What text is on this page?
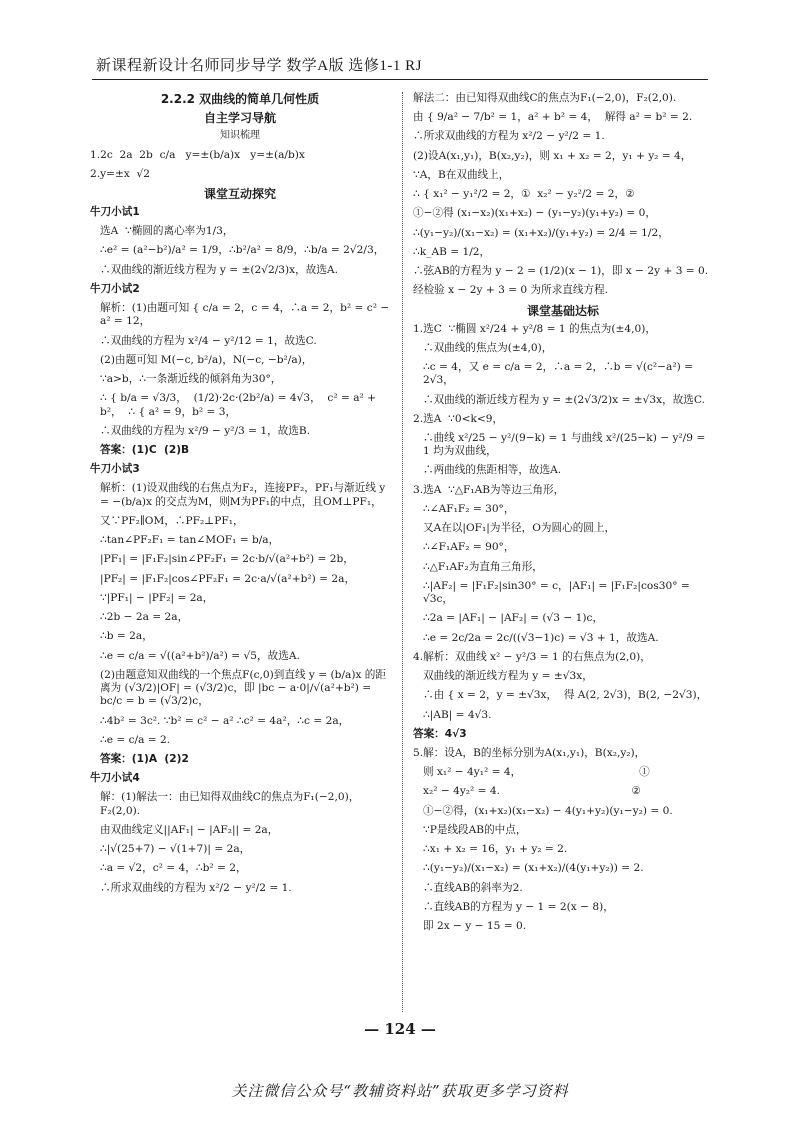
新课程新设计名师同步导学 数学A版 选修1-1 RJ
2.2.2 双曲线的简单几何性质
自主学习导航
知识梳理

1.2c  2a  2b  c/a   y=±(b/a)x   y=±(a/b)x

2.y=±x  √2

课堂互动探究

牛刀小试1

选A  ∵椭圆的离心率为1/3，

∴e² = (a²−b²)/a² = 1/9，∴b²/a² = 8/9，∴b/a = 2√2/3，

∴双曲线的渐近线方程为 y = ±(2√2/3)x，故选A.

牛刀小试2

解析：(1)由题可知 { c/a = 2，c = 4，∴a = 2，b² = c² − a² = 12，

∴双曲线的方程为 x²/4 − y²/12 = 1，故选C.

(2)由题可知 M(−c, b²/a)，N(−c, −b²/a)，

∵a>b，∴一条渐近线的倾斜角为30°，

∴ { b/a = √3/3，  (1/2)·2c·(2b²/a) = 4√3，  c² = a² + b²，  ∴ { a² = 9，b² = 3，

∴双曲线的方程为 x²/9 − y²/3 = 1，故选B.

答案：(1)C  (2)B

牛刀小试3

解析：(1)设双曲线的右焦点为F₂，连接PF₂，PF₁与渐近线 y = −(b/a)x 的交点为M，则M为PF₁的中点，且OM⊥PF₁，

又∵PF₂∥OM，∴PF₂⊥PF₁，

∴tan∠PF₂F₁ = tan∠MOF₁ = b/a，

|PF₁| = |F₁F₂|sin∠PF₂F₁ = 2c·b/√(a²+b²) = 2b，

|PF₂| = |F₁F₂|cos∠PF₂F₁ = 2c·a/√(a²+b²) = 2a，

∵|PF₁| − |PF₂| = 2a，

∴2b − 2a = 2a，

∴b = 2a，

∴e = c/a = √((a²+b²)/a²) = √5，故选A.

(2)由题意知双曲线的一个焦点F(c,0)到直线 y = (b/a)x 的距离为 (√3/2)|OF| = (√3/2)c，即 |bc − a·0|/√(a²+b²) = bc/c = b = (√3/2)c，

∴4b² = 3c². ∵b² = c² − a² ∴c² = 4a²，∴c = 2a，

∴e = c/a = 2.

答案：(1)A  (2)2

牛刀小试4

解：(1)解法一：由已知得双曲线C的焦点为F₁(−2,0)，F₂(2,0).

由双曲线定义||AF₁| − |AF₂|| = 2a，

∴|√(25+7) − √(1+7)| = 2a，

∴a = √2，c² = 4，∴b² = 2，

∴所求双曲线的方程为 x²/2 − y²/2 = 1.

解法二：由已知得双曲线C的焦点为F₁(−2,0)，F₂(2,0).

由 { 9/a² − 7/b² = 1，a² + b² = 4，  解得 a² = b² = 2.

∴所求双曲线的方程为 x²/2 − y²/2 = 1.

(2)设A(x₁,y₁)，B(x₂,y₂)，则 x₁ + x₂ = 2，y₁ + y₂ = 4，

∵A，B在双曲线上，

∴ { x₁² − y₁²/2 = 2，①  x₂² − y₂²/2 = 2，②

①−②得 (x₁−x₂)(x₁+x₂) − (y₁−y₂)(y₁+y₂) = 0，

∴(y₁−y₂)/(x₁−x₂) = (x₁+x₂)/(y₁+y₂) = 2/4 = 1/2，

∴k_AB = 1/2，

∴弦AB的方程为 y − 2 = (1/2)(x − 1)，即 x − 2y + 3 = 0.

经检验 x − 2y + 3 = 0 为所求直线方程.

课堂基础达标

1.选C  ∵椭圆 x²/24 + y²/8 = 1 的焦点为(±4,0)，

∴双曲线的焦点为(±4,0)，

∴c = 4，又 e = c/a = 2，∴a = 2，∴b = √(c²−a²) = 2√3，

∴双曲线的渐近线方程为 y = ±(2√3/2)x = ±√3x，故选C.

2.选A  ∵0<k<9，

∴曲线 x²/25 − y²/(9−k) = 1 与曲线 x²/(25−k) − y²/9 = 1 均为双曲线，

∴两曲线的焦距相等，故选A.

3.选A  ∵△F₁AB为等边三角形，

∴∠AF₁F₂ = 30°，

又A在以|OF₁|为半径，O为圆心的圆上，

∴∠F₁AF₂ = 90°，

∴△F₁AF₂为直角三角形，

∴|AF₂| = |F₁F₂|sin30° = c，|AF₁| = |F₁F₂|cos30° = √3c，

∴2a = |AF₁| − |AF₂| = (√3 − 1)c，

∴e = 2c/2a = 2c/((√3−1)c) = √3 + 1，故选A.

4.解析：双曲线 x² − y²/3 = 1 的右焦点为(2,0)，

双曲线的渐近线方程为 y = ±√3x，

∴由 { x = 2，y = ±√3x，  得 A(2, 2√3)，B(2, −2√3)，

∴|AB| = 4√3.

答案：4√3

5.解：设A，B的坐标分别为A(x₁,y₁)，B(x₂,y₂)，

则 x₁² − 4y₁² = 4，                                   ①

x₂² − 4y₂² = 4.                                       ②

①−②得，(x₁+x₂)(x₁−x₂) − 4(y₁+y₂)(y₁−y₂) = 0.

∵P是线段AB的中点，

∴x₁ + x₂ = 16，y₁ + y₂ = 2.

∴(y₁−y₂)/(x₁−x₂) = (x₁+x₂)/(4(y₁+y₂)) = 2.

∴直线AB的斜率为2.

∴直线AB的方程为 y − 1 = 2(x − 8)，

即 2x − y − 15 = 0.

— 124 —
关注微信公众号“教辅资料站”获取更多学习资料
